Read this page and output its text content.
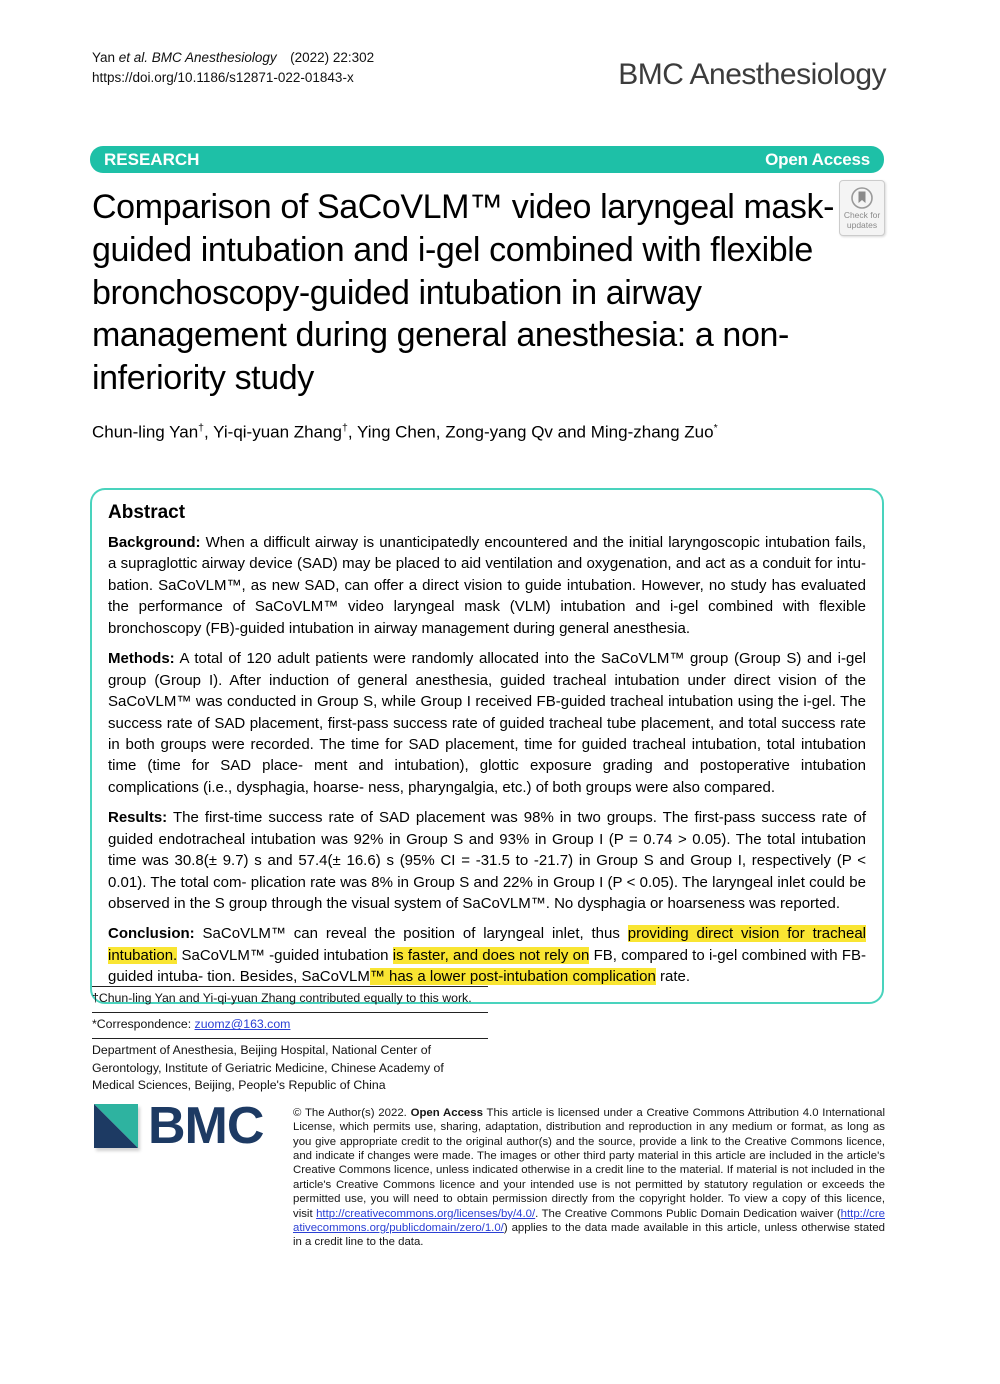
Yan et al. BMC Anesthesiology  (2022) 22:302
https://doi.org/10.1186/s12871-022-01843-x	BMC Anesthesiology
RESEARCH	Open Access
Check for updates
Comparison of SaCoVLM™ video laryngeal mask-guided intubation and i-gel combined with flexible bronchoscopy-guided intubation in airway management during general anesthesia: a non-inferiority study
Chun-ling Yan†, Yi-qi-yuan Zhang†, Ying Chen, Zong-yang Qv and Ming-zhang Zuo*
Abstract

Background: When a difficult airway is unanticipatedly encountered and the initial laryngoscopic intubation fails, a supraglottic airway device (SAD) may be placed to aid ventilation and oxygenation, and act as a conduit for intu- bation. SaCoVLM™, as new SAD, can offer a direct vision to guide intubation. However, no study has evaluated the performance of SaCoVLM™ video laryngeal mask (VLM) intubation and i-gel combined with flexible bronchoscopy (FB)-guided intubation in airway management during general anesthesia.

Methods: A total of 120 adult patients were randomly allocated into the SaCoVLM™ group (Group S) and i-gel group (Group I). After induction of general anesthesia, guided tracheal intubation under direct vision of the SaCoVLM™ was conducted in Group S, while Group I received FB-guided tracheal intubation using the i-gel. The success rate of SAD placement, first-pass success rate of guided tracheal tube placement, and total success rate in both groups were recorded. The time for SAD placement, time for guided tracheal intubation, total intubation time (time for SAD place- ment and intubation), glottic exposure grading and postoperative intubation complications (i.e., dysphagia, hoarse- ness, pharyngalgia, etc.) of both groups were also compared.

Results: The first-time success rate of SAD placement was 98% in two groups. The first-pass success rate of guided endotracheal intubation was 92% in Group S and 93% in Group I (P = 0.74 > 0.05). The total intubation time was 30.8(± 9.7) s and 57.4(± 16.6) s (95% CI = -31.5 to -21.7) in Group S and Group I, respectively (P < 0.01). The total com- plication rate was 8% in Group S and 22% in Group I (P < 0.05). The laryngeal inlet could be observed in the S group through the visual system of SaCoVLM™. No dysphagia or hoarseness was reported.

Conclusion: SaCoVLM™ can reveal the position of laryngeal inlet, thus providing direct vision for tracheal intubation. SaCoVLM™ -guided intubation is faster, and does not rely on FB, compared to i-gel combined with FB-guided intuba- tion. Besides, SaCoVLM™ has a lower post-intubation complication rate.

†Chun-ling Yan and Yi-qi-yuan Zhang contributed equally to this work.
*Correspondence: zuomz@163.com
Department of Anesthesia, Beijing Hospital, National Center of Gerontology, Institute of Geriatric Medicine, Chinese Academy of Medical Sciences, Beijing, People's Republic of China
BMC	© The Author(s) 2022. Open Access This article is licensed under a Creative Commons Attribution 4.0 International License, which permits use, sharing, adaptation, distribution and reproduction in any medium or format, as long as you give appropriate credit to the original author(s) and the source, provide a link to the Creative Commons licence, and indicate if changes were made. The images or other third party material in this article are included in the article's Creative Commons licence, unless indicated otherwise in a credit line to the material. If material is not included in the article's Creative Commons licence and your intended use is not permitted by statutory regulation or exceeds the permitted use, you will need to obtain permission directly from the copyright holder. To view a copy of this licence, visit http://creativecommons.org/licenses/by/4.0/. The Creative Commons Public Domain Dedication waiver (http://creativecommons.org/publicdomain/zero/1.0/) applies to the data made available in this article, unless otherwise stated in a credit line to the data.
